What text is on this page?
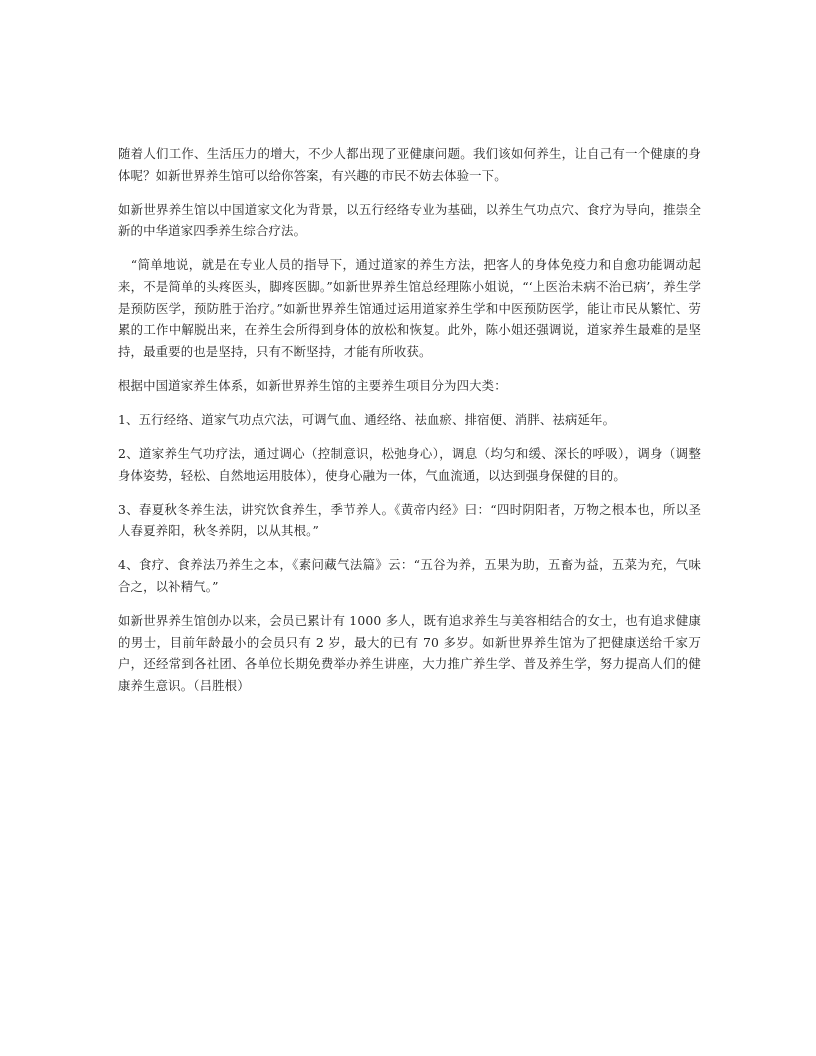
随着人们工作、生活压力的增大，不少人都出现了亚健康问题。我们该如何养生，让自己有一个健康的身体呢？如新世界养生馆可以给你答案，有兴趣的市民不妨去体验一下。

如新世界养生馆以中国道家文化为背景，以五行经络专业为基础，以养生气功点穴、食疗为导向，推崇全新的中华道家四季养生综合疗法。

　“简单地说，就是在专业人员的指导下，通过道家的养生方法，把客人的身体免疫力和自愈功能调动起来，不是简单的头疼医头，脚疼医脚。”如新世界养生馆总经理陈小姐说，“‘上医治未病不治已病’，养生学是预防医学，预防胜于治疗。”如新世界养生馆通过运用道家养生学和中医预防医学，能让市民从繁忙、劳累的工作中解脱出来，在养生会所得到身体的放松和恢复。此外，陈小姐还强调说，道家养生最难的是坚持，最重要的也是坚持，只有不断坚持，才能有所收获。

根据中国道家养生体系，如新世界养生馆的主要养生项目分为四大类：

1、五行经络、道家气功点穴法，可调气血、通经络、祛血瘀、排宿便、消胖、祛病延年。

2、道家养生气功疗法，通过调心（控制意识，松弛身心），调息（均匀和缓、深长的呼吸），调身（调整身体姿势，轻松、自然地运用肢体），使身心融为一体，气血流通，以达到强身保健的目的。

3、春夏秋冬养生法，讲究饮食养生，季节养人。《黄帝内经》曰：“四时阴阳者，万物之根本也，所以圣人春夏养阳，秋冬养阴，以从其根。”

4、食疗、食养法乃养生之本，《素问藏气法篇》云：“五谷为养，五果为助，五畜为益，五菜为充，气味合之，以补精气。”

如新世界养生馆创办以来，会员已累计有 1000 多人，既有追求养生与美容相结合的女士，也有追求健康的男士，目前年龄最小的会员只有 2 岁，最大的已有 70 多岁。如新世界养生馆为了把健康送给千家万户，还经常到各社团、各单位长期免费举办养生讲座，大力推广养生学、普及养生学，努力提高人们的健康养生意识。（吕胜根）
